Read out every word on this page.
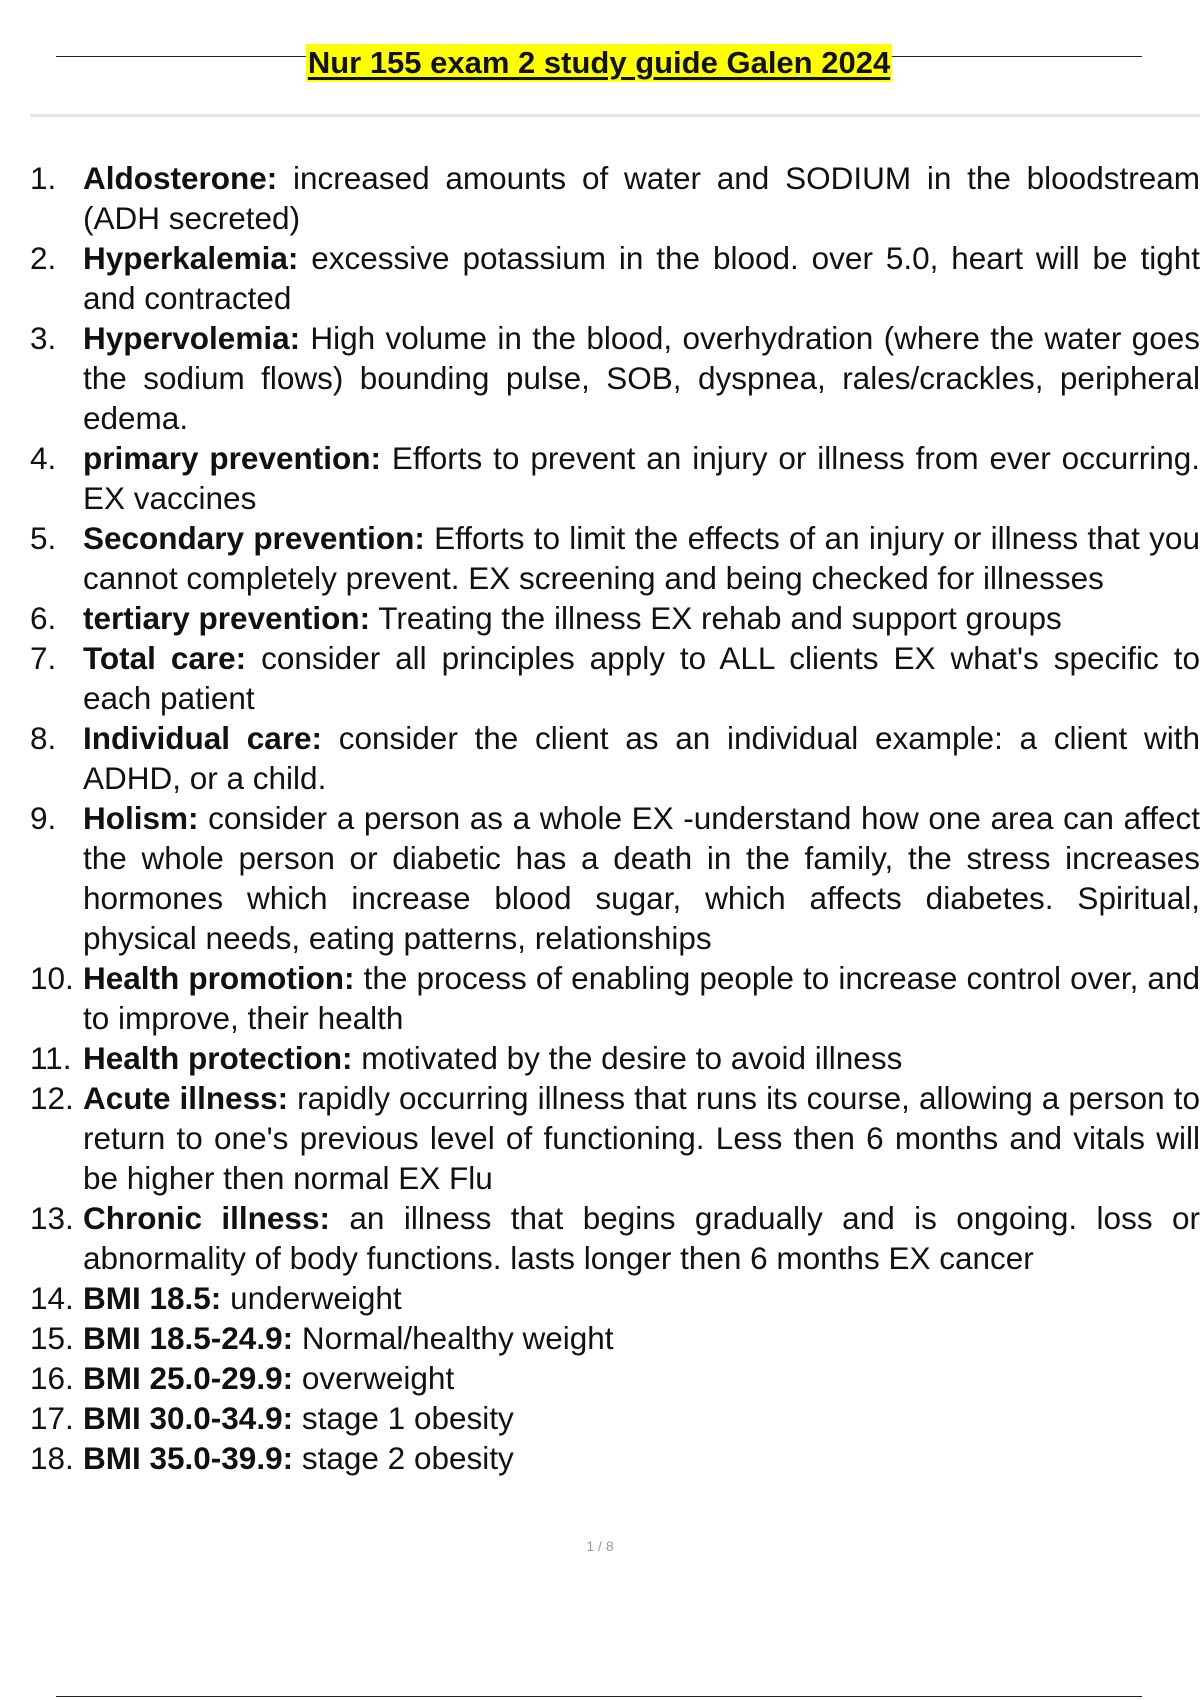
Nur 155 exam 2 study guide Galen 2024
1. Aldosterone: increased amounts of water and SODIUM in the bloodstream (ADH secreted)
2. Hyperkalemia: excessive potassium in the blood. over 5.0, heart will be tight and contracted
3. Hypervolemia: High volume in the blood, overhydration (where the water goes the sodium flows) bounding pulse, SOB, dyspnea, rales/crackles, peripheral edema.
4. primary prevention: Efforts to prevent an injury or illness from ever occurring. EX vaccines
5. Secondary prevention: Efforts to limit the effects of an injury or illness that you cannot completely prevent. EX screening and being checked for illnesses
6. tertiary prevention: Treating the illness EX rehab and support groups
7. Total care: consider all principles apply to ALL clients EX what's specific to each patient
8. Individual care: consider the client as an individual example: a client with ADHD, or a child.
9. Holism: consider a person as a whole EX -understand how one area can affect the whole person or diabetic has a death in the family, the stress increases hormones which increase blood sugar, which affects diabetes. Spiritual, physical needs, eating patterns, relationships
10. Health promotion: the process of enabling people to increase control over, and to improve, their health
11. Health protection: motivated by the desire to avoid illness
12. Acute illness: rapidly occurring illness that runs its course, allowing a person to return to one's previous level of functioning. Less then 6 months and vitals will be higher then normal EX Flu
13. Chronic illness: an illness that begins gradually and is ongoing. loss or abnormality of body functions. lasts longer then 6 months EX cancer
14. BMI 18.5: underweight
15. BMI 18.5-24.9: Normal/healthy weight
16. BMI 25.0-29.9: overweight
17. BMI 30.0-34.9: stage 1 obesity
18. BMI 35.0-39.9: stage 2 obesity
1 / 8
